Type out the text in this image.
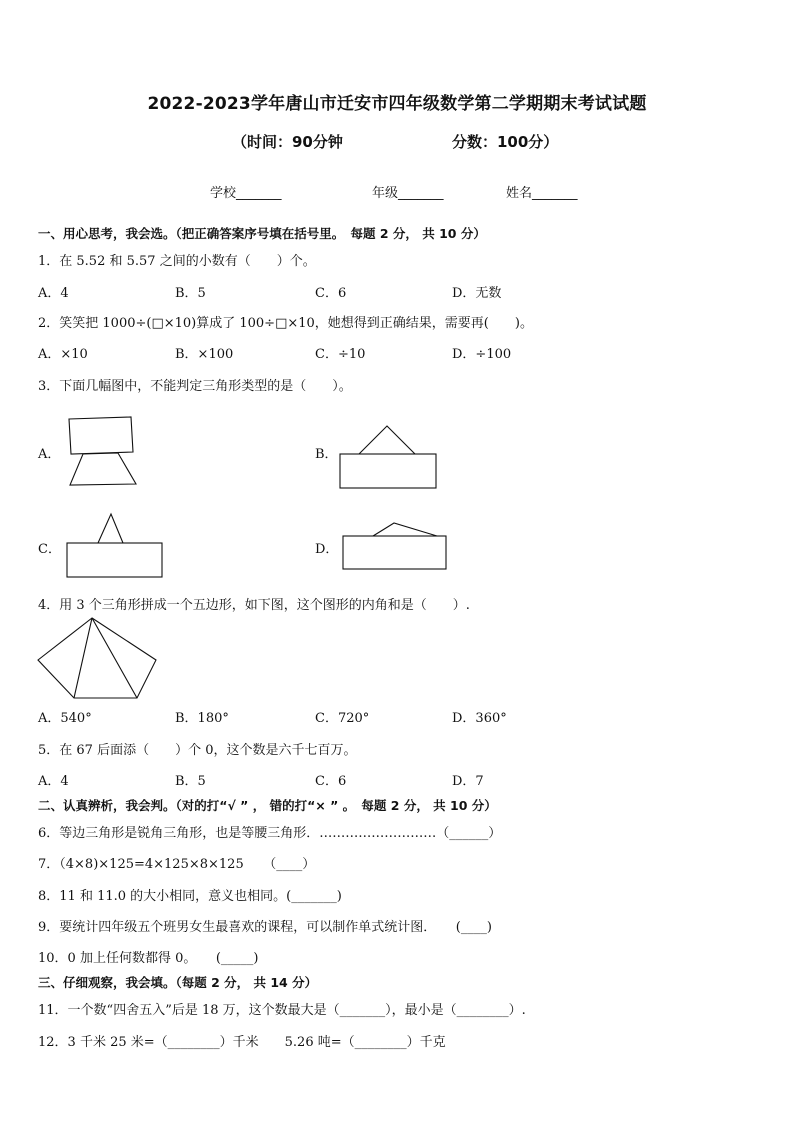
2022-2023学年唐山市迁安市四年级数学第二学期期末考试试题
（时间：90分钟	分数：100分）
学校_______	年级_______	姓名_______
一、用心思考，我会选。（把正确答案序号填在括号里。　每题 2 分， 共 10 分）
1．在 5.52 和 5.57 之间的小数有（　　）个。
A．4	B．5	C．6	D．无数
2．笑笑把 1000÷(□×10)算成了 100÷□×10，她想得到正确结果，需要再(　　)。
A．×10	B．×100	C．÷10	D．÷100
3．下面几幅图中，不能判定三角形类型的是（　　）。
A．	B．
C．	D．
4．用 3 个三角形拼成一个五边形，如下图，这个图形的内角和是（　　）.
A．540°	B．180°	C．720°	D．360°
5．在 67 后面添（　　）个 0，这个数是六千七百万。
A．4	B．5	C．6	D．7
二、认真辨析，我会判。（对的打“√ ” ， 错的打“× ” 。　每题 2 分， 共 10 分）
6．等边三角形是锐角三角形，也是等腰三角形．………………………（______）
7．（4×8)×125=4×125×8×125　　（____）
8．11 和 11.0 的大小相同，意义也相同。(_______)
9．要统计四年级五个班男女生最喜欢的课程，可以制作单式统计图．　　(____)
10．0 加上任何数都得 0。　　(_____)
三、仔细观察，我会填。（每题 2 分， 共 14 分）
11．一个数“四舍五入”后是 18 万，这个数最大是（_______），最小是（________）.
12．3 千米 25 米=（________）千米　　5.26 吨=（________）千克
